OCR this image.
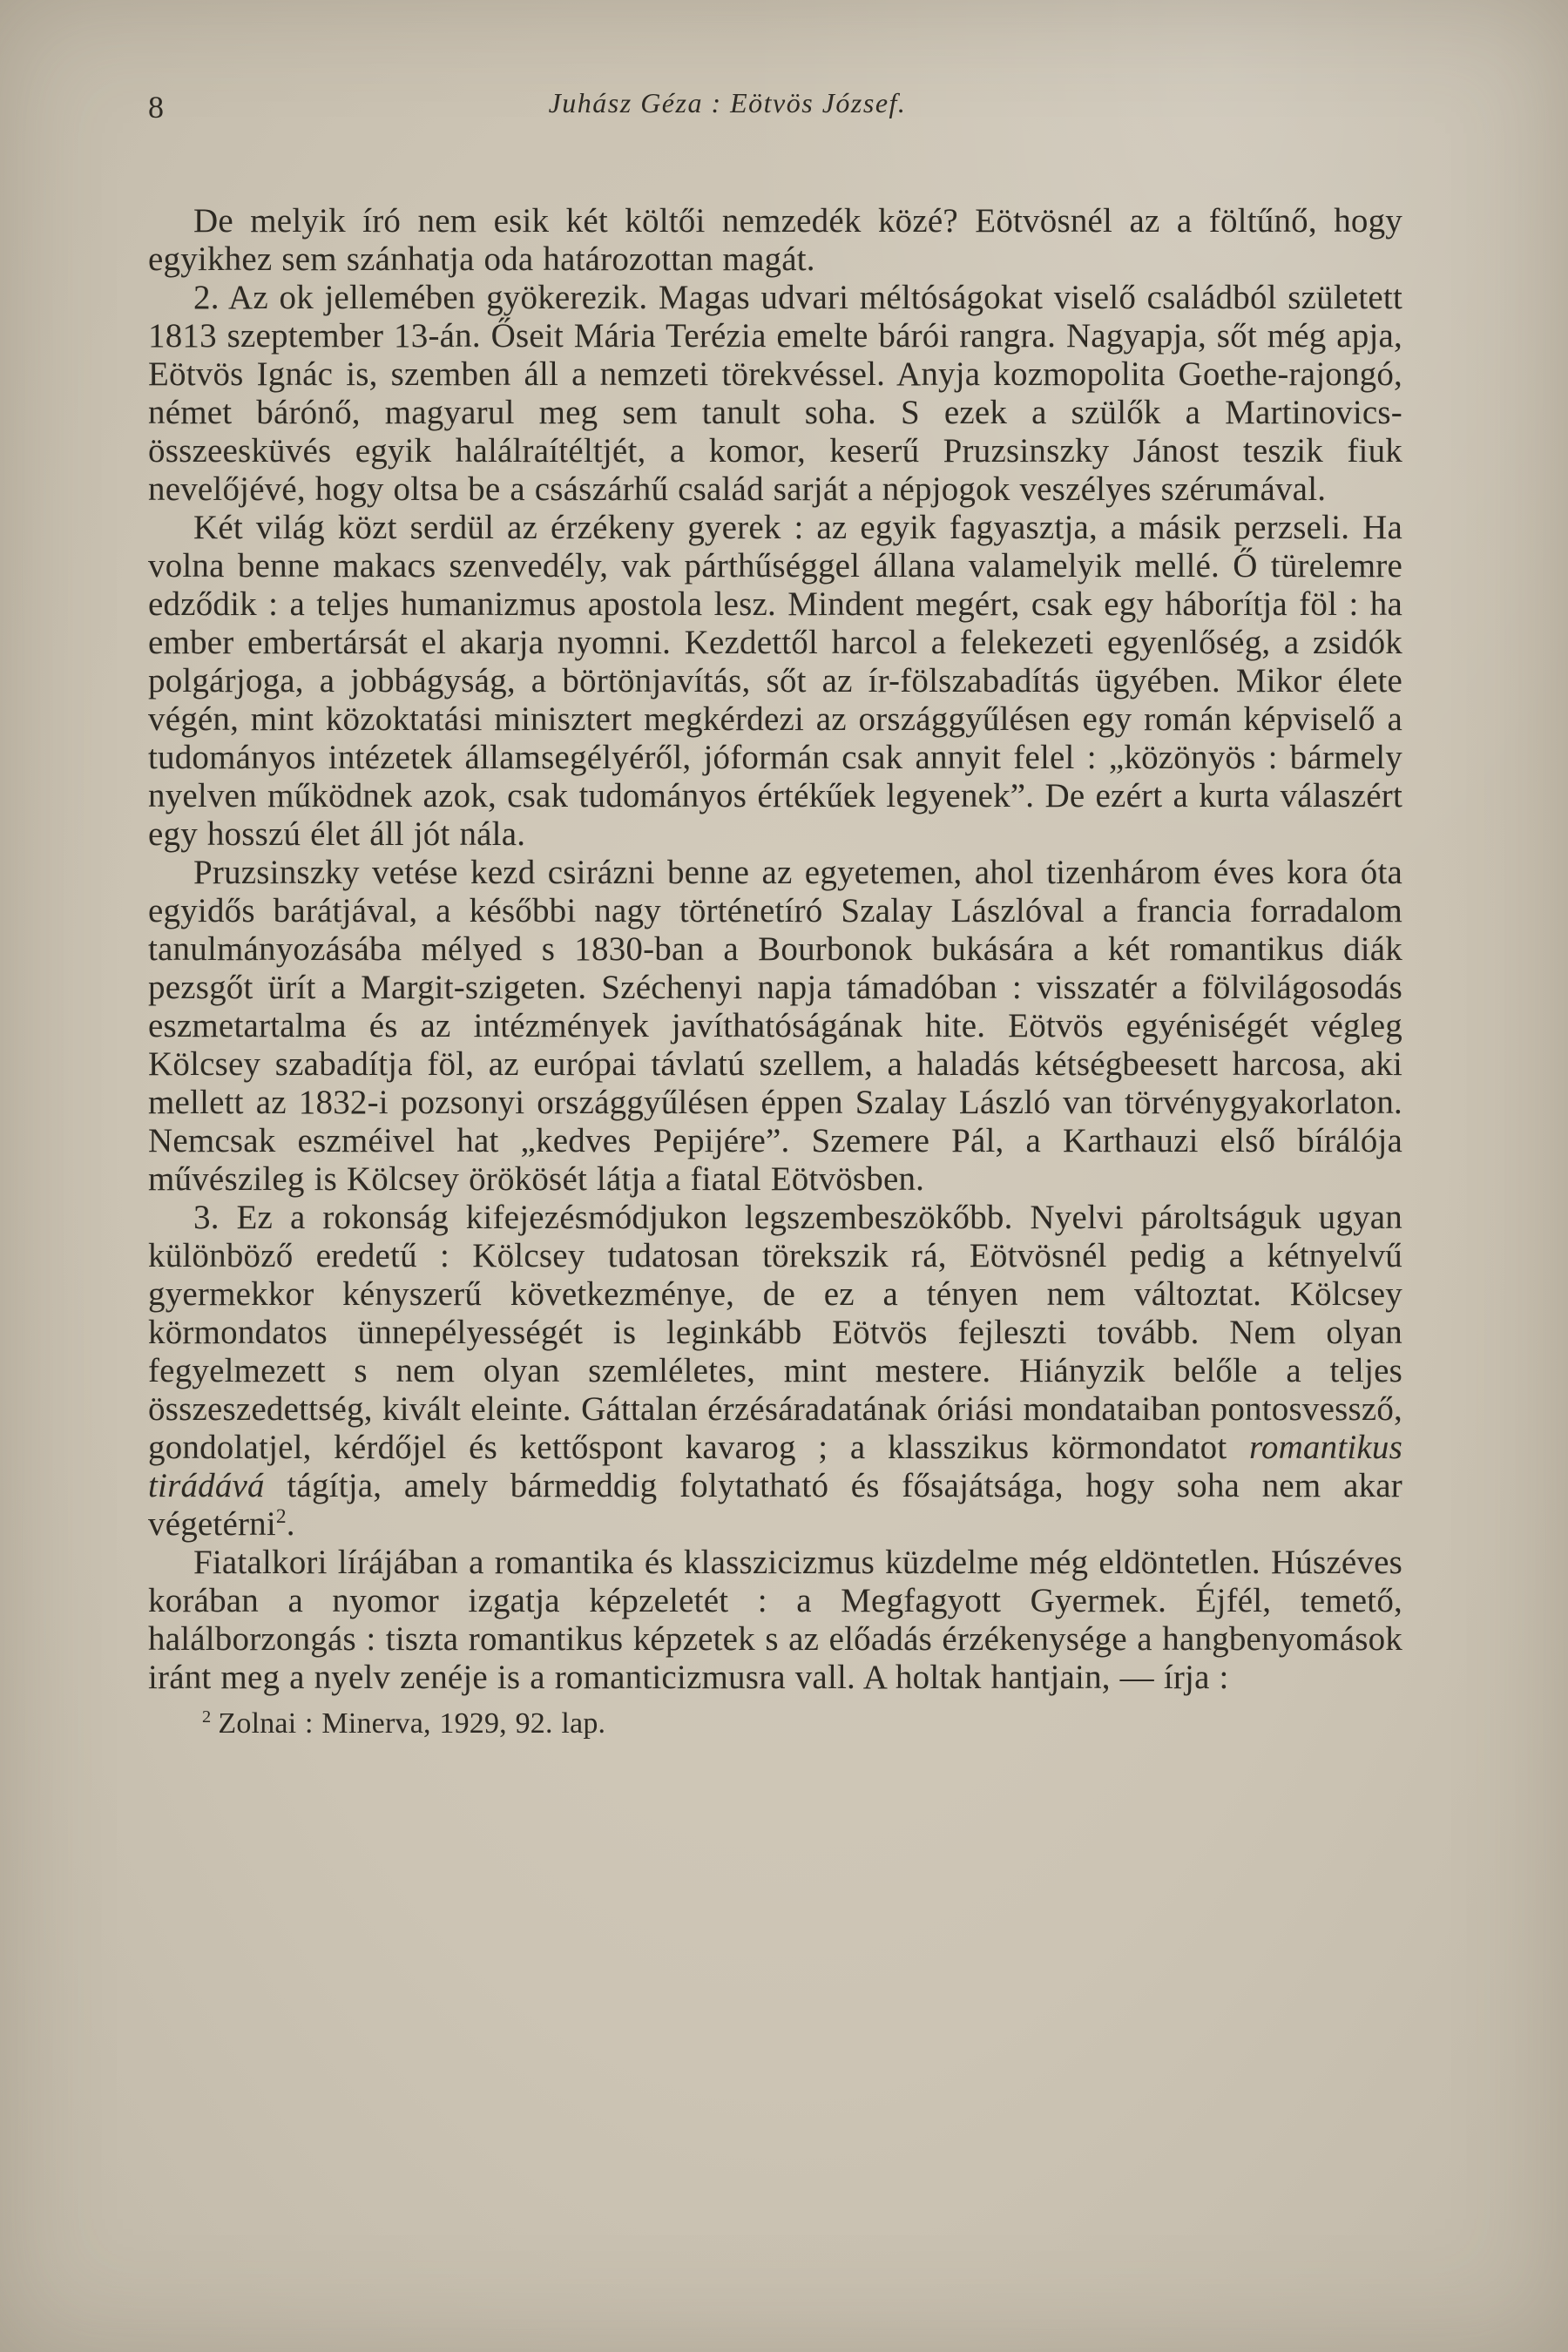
8	Juhász Géza : Eötvös József.

De melyik író nem esik két költői nemzedék közé? Eötvösnél az a föltűnő, hogy egyikhez sem szánhatja oda határozottan magát.

2. Az ok jellemében gyökerezik. Magas udvari méltóságokat viselő családból született 1813 szeptember 13-án. Őseit Mária Terézia emelte bárói rangra. Nagyapja, sőt még apja, Eötvös Ignác is, szemben áll a nemzeti törekvéssel. Anyja kozmopolita Goethe-rajongó, német bárónő, magyarul meg sem tanult soha. S ezek a szülők a Martinovics-összeesküvés egyik halálraítéltjét, a komor, keserű Pruzsinszky Jánost teszik fiuk nevelőjévé, hogy oltsa be a császárhű család sarját a népjogok veszélyes szérumával.

Két világ közt serdül az érzékeny gyerek : az egyik fagyasztja, a másik perzseli. Ha volna benne makacs szenvedély, vak párthűséggel állana valamelyik mellé. Ő türelemre edződik : a teljes humanizmus apostola lesz. Mindent megért, csak egy háborítja föl : ha ember embertársát el akarja nyomni. Kezdettől harcol a felekezeti egyenlőség, a zsidók polgárjoga, a jobbágyság, a börtönjavítás, sőt az ír-fölszabadítás ügyében. Mikor élete végén, mint közoktatási minisztert megkérdezi az országgyűlésen egy román képviselő a tudományos intézetek államsegélyéről, jóformán csak annyit felel : „közönyös : bármely nyelven működnek azok, csak tudományos értékűek legyenek”. De ezért a kurta válaszért egy hosszú élet áll jót nála.

Pruzsinszky vetése kezd csirázni benne az egyetemen, ahol tizenhárom éves kora óta egyidős barátjával, a későbbi nagy történetíró Szalay Lászlóval a francia forradalom tanulmányozásába mélyed s 1830-ban a Bourbonok bukására a két romantikus diák pezsgőt ürít a Margit-szigeten. Széchenyi napja támadóban : visszatér a fölvilágosodás eszmetartalma és az intézmények javíthatóságának hite. Eötvös egyéniségét végleg Kölcsey szabadítja föl, az európai távlatú szellem, a haladás kétségbeesett harcosa, aki mellett az 1832-i pozsonyi országgyűlésen éppen Szalay László van törvénygyakorlaton. Nemcsak eszméivel hat „kedves Pepijére”. Szemere Pál, a Karthauzi első bírálója művészileg is Kölcsey örökösét látja a fiatal Eötvösben.

3. Ez a rokonság kifejezésmódjukon legszembeszökőbb. Nyelvi pároltságuk ugyan különböző eredetű : Kölcsey tudatosan törekszik rá, Eötvösnél pedig a kétnyelvű gyermekkor kényszerű következménye, de ez a tényen nem változtat. Kölcsey körmondatos ünnepélyességét is leginkább Eötvös fejleszti tovább. Nem olyan fegyelmezett s nem olyan szemléletes, mint mestere. Hiányzik belőle a teljes összeszedettség, kivált eleinte. Gáttalan érzésáradatának óriási mondataiban pontosvessző, gondolatjel, kérdőjel és kettőspont kavarog ; a klasszikus körmondatot romantikus tirádává tágítja, amely bármeddig folytatható és fősajátsága, hogy soha nem akar végetérni$^2$.

Fiatalkori lírájában a romantika és klasszicizmus küzdelme még eldöntetlen. Húszéves korában a nyomor izgatja képzeletét : a Megfagyott Gyermek. Éjfél, temető, halálborzongás : tiszta romantikus képzetek s az előadás érzékenysége a hangbenyomások iránt meg a nyelv zenéje is a romanticizmusra vall. A holtak hantjain, — írja :

$^2$ Zolnai : Minerva, 1929, 92. lap.
